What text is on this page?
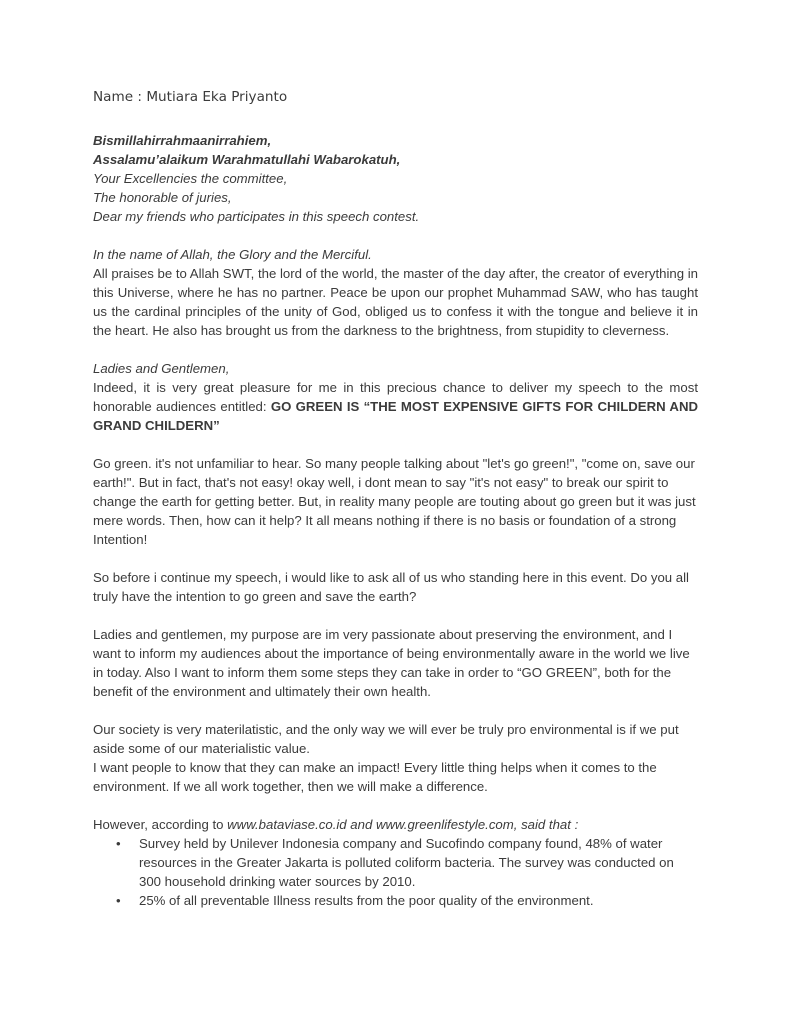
Name : Mutiara Eka Priyanto
Bismillahirrahmaanirrahiem,
Assalamu’alaikum Warahmatullahi Wabarokatuh,
Your Excellencies the committee,
The honorable of juries,
Dear my friends who participates in this speech contest.
In the name of Allah, the Glory and the Merciful.
All praises be to Allah SWT, the lord of the world, the master of the day after, the creator of everything in this Universe, where he has no partner. Peace be upon our prophet Muhammad SAW, who has taught us the cardinal principles of the unity of God, obliged us to confess it with the tongue and believe it in the heart. He also has brought us from the darkness to the brightness, from stupidity to cleverness.
Ladies and Gentlemen,
Indeed, it is very great pleasure for me in this precious chance to deliver my speech to the most honorable audiences entitled: GO GREEN IS “THE MOST EXPENSIVE GIFTS FOR CHILDERN AND GRAND CHILDERN”
Go green. it's not unfamiliar to hear. So many people talking about "let's go green!", "come on, save our earth!". But in fact, that's not easy! okay well, i dont mean to say "it's not easy" to break our spirit to change the earth for getting better. But, in reality many people are touting about go green but it was just mere words. Then, how can it help? It all means nothing if there is no basis or foundation of a strong Intention!
So before i continue my speech, i would like to ask all of us who standing here in this event. Do you all truly have the intention to go green and save the earth?
Ladies and gentlemen, my purpose are im very passionate about preserving the environment, and I want to inform my audiences about the importance of being environmentally aware in the world we live in today. Also I want to inform them some steps they can take in order to “GO GREEN”, both for the benefit of the environment and ultimately their own health.
Our society is very materilatistic, and the only way we will ever be truly pro environmental is if we put aside some of our materialistic value.
I want people to know that they can make an impact! Every little thing helps when it comes to the environment. If we all work together, then we will make a difference.
However, according to www.bataviase.co.id and www.greenlifestyle.com, said that :
• Survey held by Unilever Indonesia company and Sucofindo company found, 48% of water resources in the Greater Jakarta is polluted coliform bacteria. The survey was conducted on 300 household drinking water sources by 2010.
• 25% of all preventable Illness results from the poor quality of the environment.
